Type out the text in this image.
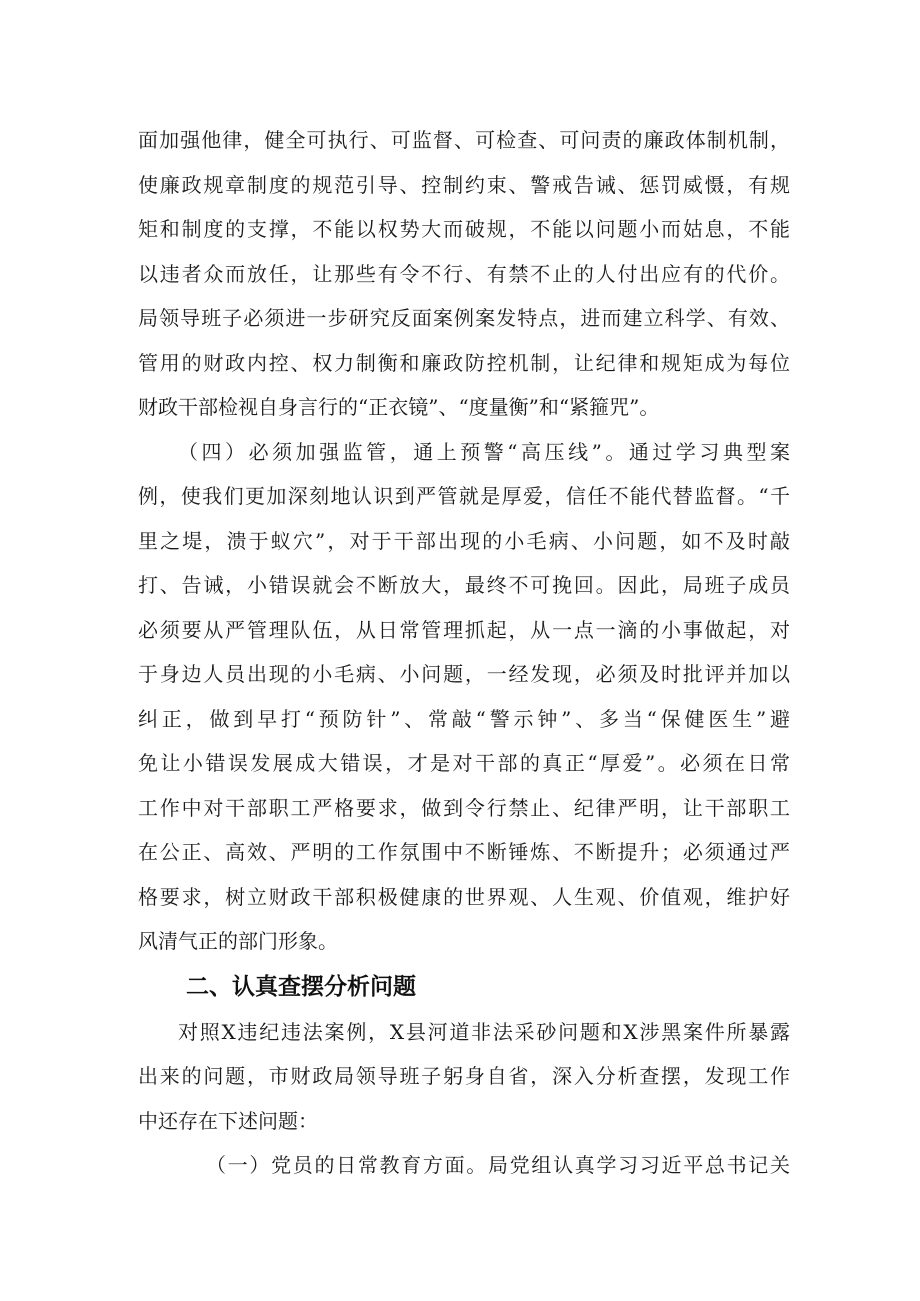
面加强他律，健全可执行、可监督、可检查、可问责的廉政体制机制，
使廉政规章制度的规范引导、控制约束、警戒告诫、惩罚威慑，有规
矩和制度的支撑，不能以权势大而破规，不能以问题小而姑息，不能
以违者众而放任，让那些有令不行、有禁不止的人付出应有的代价。
局领导班子必须进一步研究反面案例案发特点，进而建立科学、有效、
管用的财政内控、权力制衡和廉政防控机制，让纪律和规矩成为每位
财政干部检视自身言行的“正衣镜”、“度量衡”和“紧箍咒”。
（四）必须加强监管，通上预警“高压线”。通过学习典型案
例，使我们更加深刻地认识到严管就是厚爱，信任不能代替监督。“千
里之堤，溃于蚁穴”，对于干部出现的小毛病、小问题，如不及时敲
打、告诫，小错误就会不断放大，最终不可挽回。因此，局班子成员
必须要从严管理队伍，从日常管理抓起，从一点一滴的小事做起，对
于身边人员出现的小毛病、小问题，一经发现，必须及时批评并加以
纠正，做到早打“预防针”、常敲“警示钟”、多当“保健医生”避
免让小错误发展成大错误，才是对干部的真正“厚爱”。必须在日常
工作中对干部职工严格要求，做到令行禁止、纪律严明，让干部职工
在公正、高效、严明的工作氛围中不断锤炼、不断提升；必须通过严
格要求，树立财政干部积极健康的世界观、人生观、价值观，维护好
风清气正的部门形象。
二、认真查摆分析问题
对照X违纪违法案例，X县河道非法采砂问题和X涉黑案件所暴露
出来的问题，市财政局领导班子躬身自省，深入分析查摆，发现工作
中还存在下述问题：
（一）党员的日常教育方面。局党组认真学习习近平总书记关
